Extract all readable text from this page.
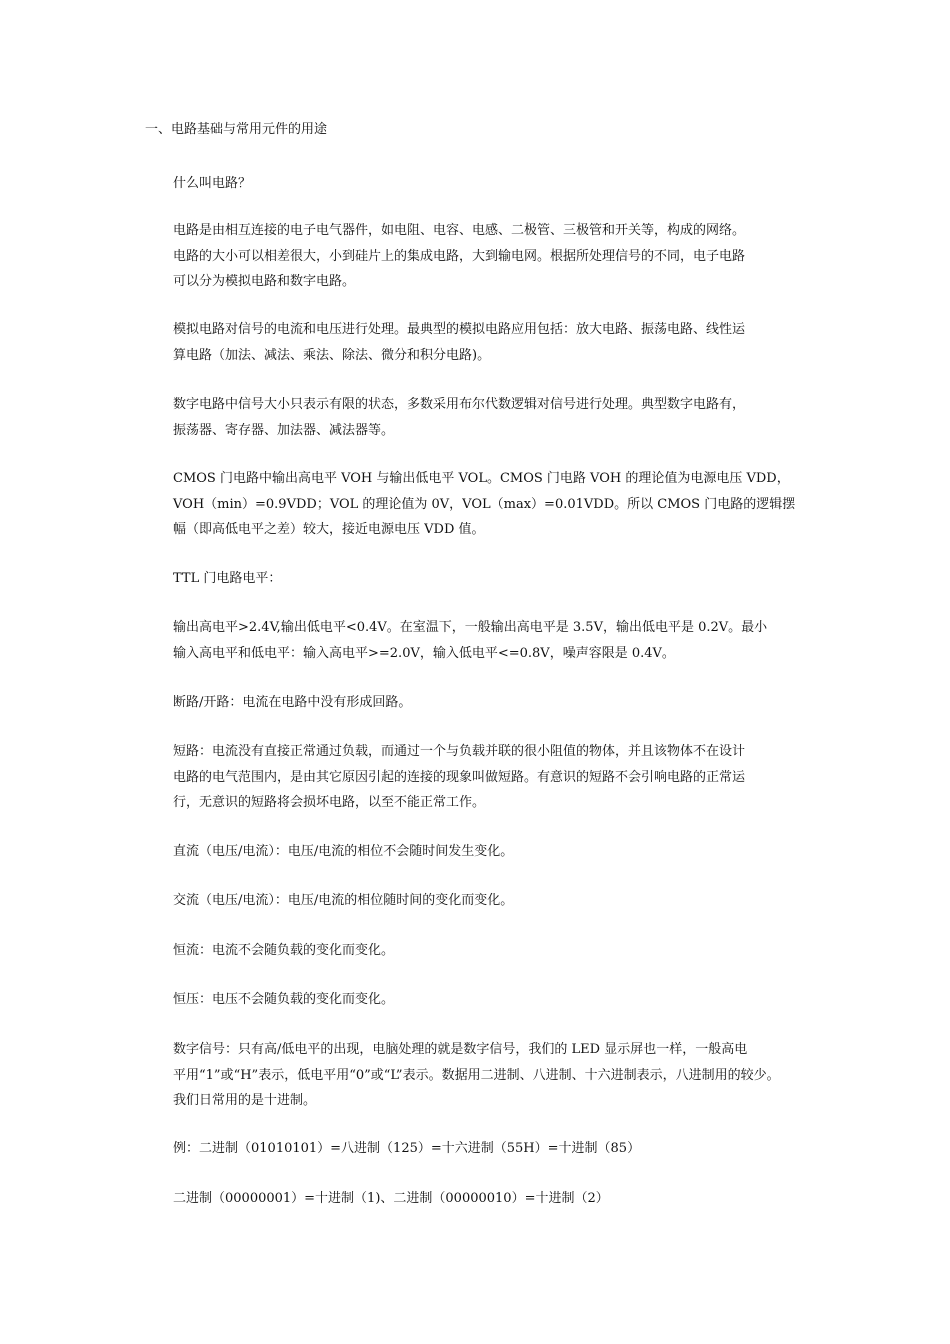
一、电路基础与常用元件的用途
什么叫电路？
电路是由相互连接的电子电气器件，如电阻、电容、电感、二极管、三极管和开关等，构成的网络。
电路的大小可以相差很大，小到硅片上的集成电路，大到输电网。根据所处理信号的不同，电子电路
可以分为模拟电路和数字电路。
模拟电路对信号的电流和电压进行处理。最典型的模拟电路应用包括：放大电路、振荡电路、线性运
算电路（加法、减法、乘法、除法、微分和积分电路)。
数字电路中信号大小只表示有限的状态，多数采用布尔代数逻辑对信号进行处理。典型数字电路有，
振荡器、寄存器、加法器、减法器等。
CMOS 门电路中输出高电平 VOH 与输出低电平 VOL。CMOS 门电路 VOH 的理论值为电源电压 VDD，
VOH（min）=0.9VDD；VOL 的理论值为 0V，VOL（max）=0.01VDD。所以 CMOS 门电路的逻辑摆
幅（即高低电平之差）较大，接近电源电压 VDD 值。
TTL 门电路电平：
输出高电平>2.4V,输出低电平<0.4V。在室温下，一般输出高电平是 3.5V，输出低电平是 0.2V。最小
输入高电平和低电平：输入高电平>=2.0V，输入低电平<=0.8V，噪声容限是 0.4V。
断路/开路：电流在电路中没有形成回路。
短路：电流没有直接正常通过负载，而通过一个与负载并联的很小阻值的物体，并且该物体不在设计
电路的电气范围内，是由其它原因引起的连接的现象叫做短路。有意识的短路不会引响电路的正常运
行，无意识的短路将会损坏电路，以至不能正常工作。
直流（电压/电流）：电压/电流的相位不会随时间发生变化。
交流（电压/电流）：电压/电流的相位随时间的变化而变化。
恒流：电流不会随负载的变化而变化。
恒压：电压不会随负载的变化而变化。
数字信号：只有高/低电平的出现，电脑处理的就是数字信号，我们的 LED 显示屏也一样，一般高电
平用“1”或“H”表示，低电平用“0”或“L”表示。数据用二进制、八进制、十六进制表示，八进制用的较少。
我们日常用的是十进制。
例：二进制（01010101）=八进制（125）=十六进制（55H）=十进制（85）
二进制（00000001）=十进制（1)、二进制（00000010）=十进制（2）
